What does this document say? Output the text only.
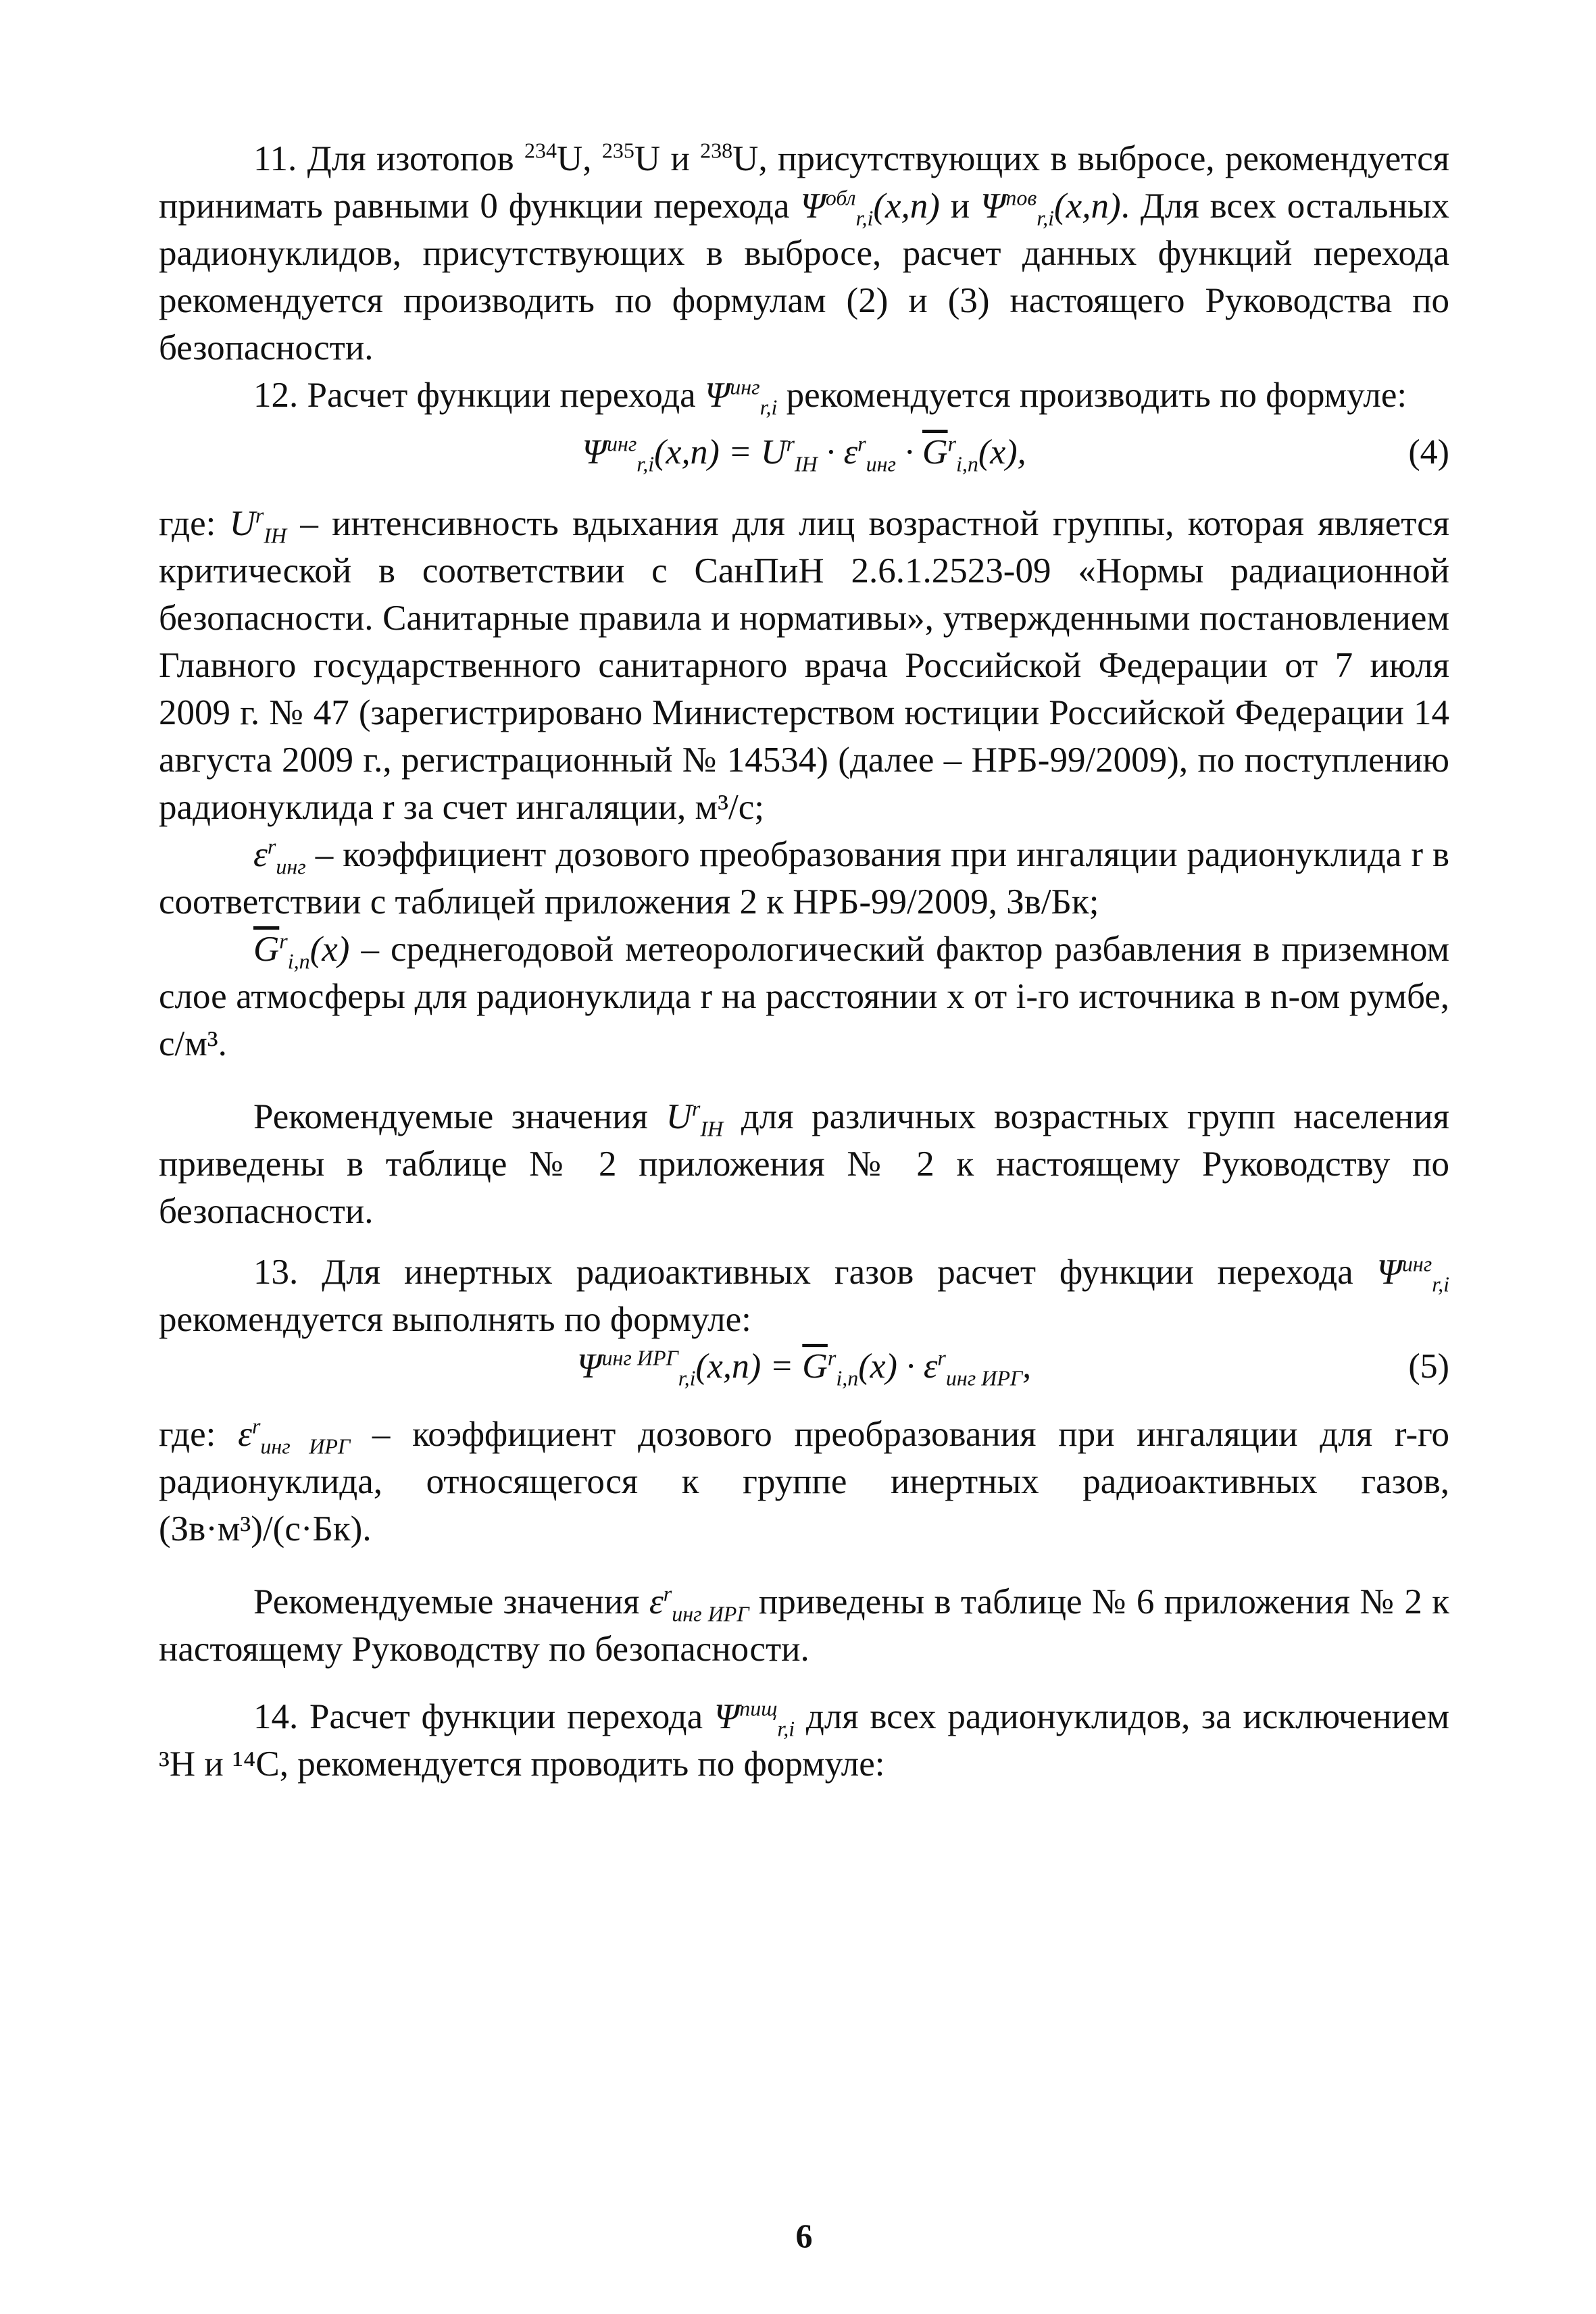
11. Для изотопов $^{234}$U, $^{235}$U и $^{238}$U, присутствующих в выбросе, рекомендуется принимать равными 0 функции перехода $\Psi^{обл}_{r,i}(x,n)$ и $\Psi^{пов}_{r,i}(x,n)$. Для всех остальных радионуклидов, присутствующих в выбросе, расчет данных функций перехода рекомендуется производить по формулам (2) и (3) настоящего Руководства по безопасности.

12. Расчет функции перехода $\Psi^{инг}_{r,i}$ рекомендуется производить по формуле:

$\Psi^{инг}_{r,i}(x,n) = U^r_{IH} \cdot \varepsilon^r_{инг} \cdot \overline{G}^r_{i,n}(x)$,	(4)

где: $U^r_{IH}$ – интенсивность вдыхания для лиц возрастной группы, которая является критической в соответствии с СанПиН 2.6.1.2523-09 «Нормы радиационной безопасности. Санитарные правила и нормативы», утвержденными постановлением Главного государственного санитарного врача Российской Федерации от 7 июля 2009 г. № 47 (зарегистрировано Министерством юстиции Российской Федерации 14 августа 2009 г., регистрационный № 14534) (далее – НРБ-99/2009), по поступлению радионуклида r за счет ингаляции, м³/с;

$\varepsilon^r_{инг}$ – коэффициент дозового преобразования при ингаляции радионуклида r в соответствии с таблицей приложения 2 к НРБ-99/2009, Зв/Бк;

$\overline{G}^r_{i,n}(x)$ – среднегодовой метеорологический фактор разбавления в приземном слое атмосферы для радионуклида r на расстоянии x от i-го источника в n-ом румбе, с/м³.

Рекомендуемые значения $U^r_{IH}$ для различных возрастных групп населения приведены в таблице № 2 приложения № 2 к настоящему Руководству по безопасности.

13. Для инертных радиоактивных газов расчет функции перехода $\Psi^{инг}_{r,i}$ рекомендуется выполнять по формуле:

$\Psi^{инг ИРГ}_{r,i}(x,n) = \overline{G}^r_{i,n}(x) \cdot \varepsilon^r_{инг ИРГ}$,	(5)

где: $\varepsilon^r_{инг ИРГ}$ – коэффициент дозового преобразования при ингаляции для r-го радионуклида, относящегося к группе инертных радиоактивных газов, (Зв·м³)/(с·Бк).

Рекомендуемые значения $\varepsilon^r_{инг ИРГ}$ приведены в таблице № 6 приложения № 2 к настоящему Руководству по безопасности.

14. Расчет функции перехода $\Psi^{пищ}_{r,i}$ для всех радионуклидов, за исключением ³H и ¹⁴C, рекомендуется проводить по формуле:

6
